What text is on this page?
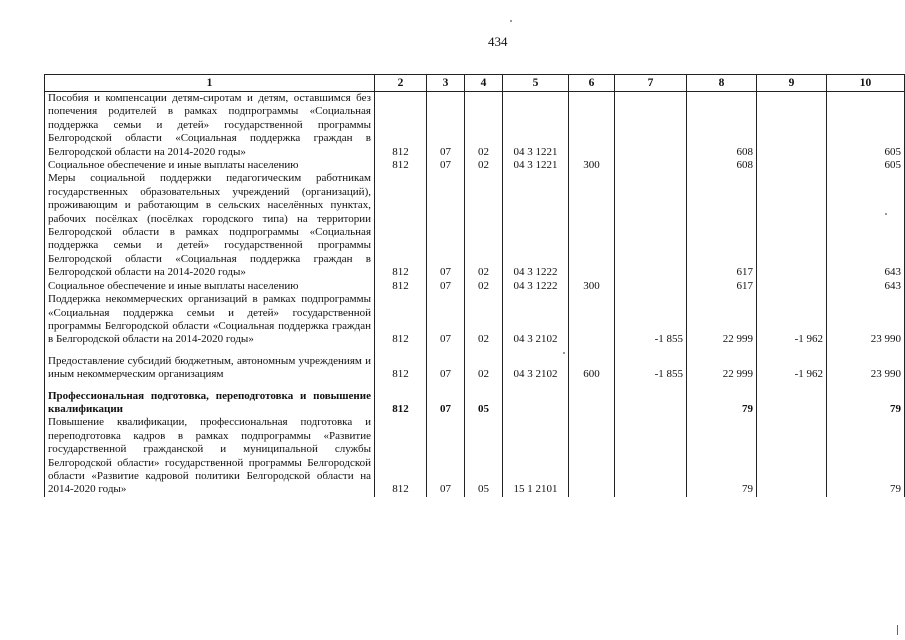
434
1	2	3	4	5	6	7	8	9	10
Пособия и компенсации детям-сиротам и детям, оставшимся без попечения родителей в рамках подпрограммы «Социальная поддержка семьи и детей» государственной программы Белгородской области «Социальная поддержка граждан в Белгородской области на 2014-2020 годы»	812	07	02	04 3 1221			608		605
Социальное обеспечение и иные выплаты населению	812	07	02	04 3 1221	300		608		605
Меры социальной поддержки педагогическим работникам государственных образовательных учреждений (организаций), проживающим и работающим в сельских населённых пунктах, рабочих посёлках (посёлках городского типа) на территории Белгородской области в рамках подпрограммы «Социальная поддержка семьи и детей» государственной программы Белгородской области «Социальная поддержка граждан в Белгородской области на 2014-2020 годы»	812	07	02	04 3 1222			617		643
Социальное обеспечение и иные выплаты населению	812	07	02	04 3 1222	300		617		643
Поддержка некоммерческих организаций в рамках подпрограммы «Социальная поддержка семьи и детей» государственной программы Белгородской области «Социальная поддержка граждан в Белгородской области на 2014-2020 годы»	812	07	02	04 3 2102		-1 855	22 999	-1 962	23 990

Предоставление субсидий бюджетным, автономным учреждениям и иным некоммерческим организациям	812	07	02	04 3 2102	600	-1 855	22 999	-1 962	23 990

Профессиональная подготовка, переподготовка и повышение квалификации	812	07	05				79		79
Повышение квалификации, профессиональная подготовка и переподготовка кадров в рамках подпрограммы «Развитие государственной гражданской и муниципальной службы Белгородской области» государственной программы Белгородской области «Развитие кадровой политики Белгородской области на 2014-2020 годы»	812	07	05	15 1 2101			79		79
